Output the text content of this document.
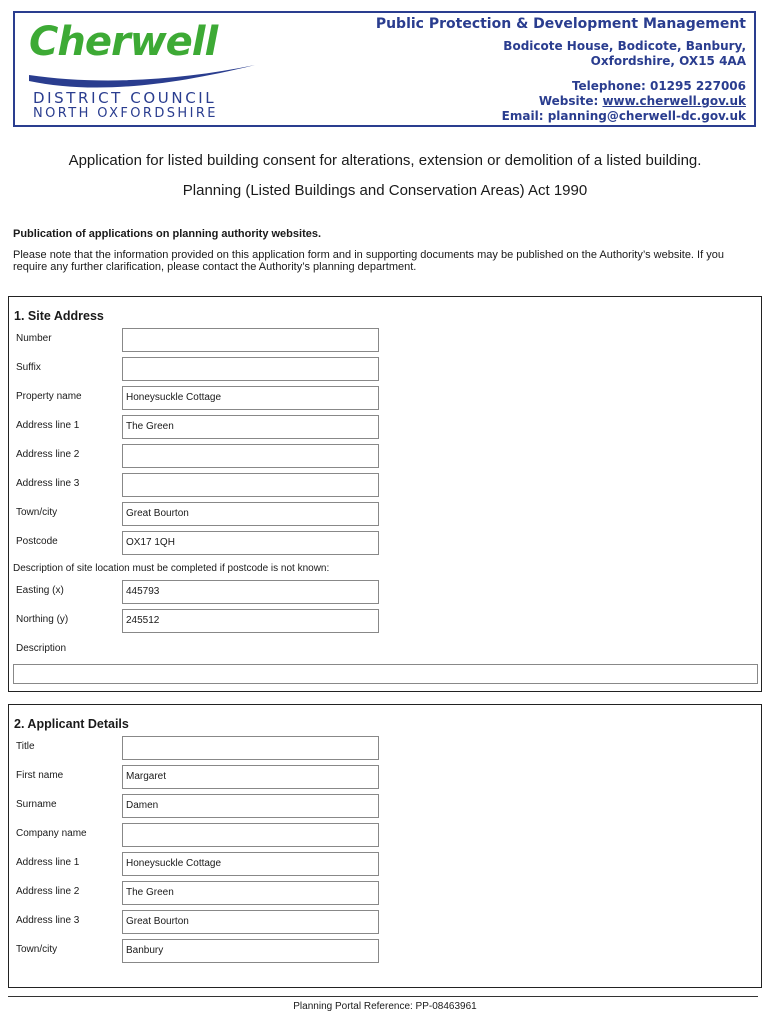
Cherwell
DISTRICT COUNCIL
NORTH OXFORDSHIRE
Public Protection & Development Management
Bodicote House, Bodicote, Banbury,
Oxfordshire, OX15 4AA
Telephone: 01295 227006
Website: www.cherwell.gov.uk
Email: planning@cherwell-dc.gov.uk
Application for listed building consent for alterations, extension or demolition of a listed building.
Planning (Listed Buildings and Conservation Areas) Act 1990
Publication of applications on planning authority websites.
Please note that the information provided on this application form and in supporting documents may be published on the Authority’s website. If you require any further clarification, please contact the Authority’s planning department.
1. Site Address
Number
Suffix
Property name	Honeysuckle Cottage
Address line 1	The Green
Address line 2
Address line 3
Town/city	Great Bourton
Postcode	OX17 1QH
Description of site location must be completed if postcode is not known:
Easting (x)	445793
Northing (y)	245512
Description
2. Applicant Details
Title
First name	Margaret
Surname	Damen
Company name
Address line 1	Honeysuckle Cottage
Address line 2	The Green
Address line 3	Great Bourton
Town/city	Banbury
Planning Portal Reference: PP-08463961
